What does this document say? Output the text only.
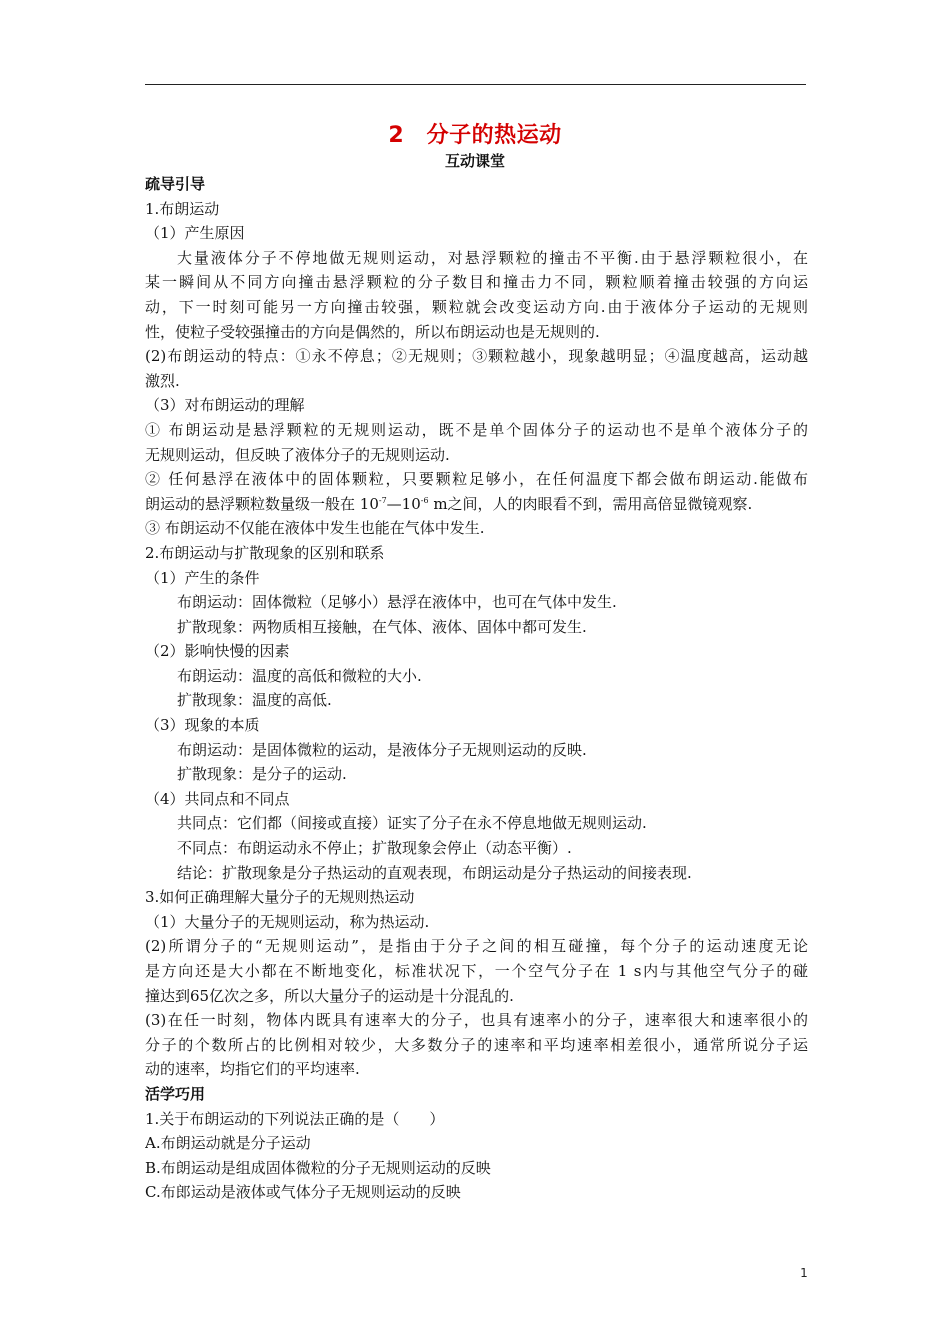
2　分子的热运动
互动课堂
疏导引导
1.布朗运动
（1）产生原因
大量液体分子不停地做无规则运动，对悬浮颗粒的撞击不平衡.由于悬浮颗粒很小，在
某一瞬间从不同方向撞击悬浮颗粒的分子数目和撞击力不同，颗粒顺着撞击较强的方向运
动，下一时刻可能另一方向撞击较强，颗粒就会改变运动方向.由于液体分子运动的无规则
性，使粒子受较强撞击的方向是偶然的，所以布朗运动也是无规则的.
(2)布朗运动的特点：①永不停息；②无规则；③颗粒越小，现象越明显；④温度越高，运动越
激烈.
（3）对布朗运动的理解
① 布朗运动是悬浮颗粒的无规则运动，既不是单个固体分子的运动也不是单个液体分子的
无规则运动，但反映了液体分子的无规则运动.
② 任何悬浮在液体中的固体颗粒，只要颗粒足够小，在任何温度下都会做布朗运动.能做布
朗运动的悬浮颗粒数量级一般在 $10^{-7}—10^{-6}$ m之间，人的肉眼看不到，需用高倍显微镜观察.
③ 布朗运动不仅能在液体中发生也能在气体中发生.
2.布朗运动与扩散现象的区别和联系
（1）产生的条件
布朗运动：固体微粒（足够小）悬浮在液体中，也可在气体中发生.
扩散现象：两物质相互接触，在气体、液体、固体中都可发生.
（2）影响快慢的因素
布朗运动：温度的高低和微粒的大小.
扩散现象：温度的高低.
（3）现象的本质
布朗运动：是固体微粒的运动，是液体分子无规则运动的反映.
扩散现象：是分子的运动.
（4）共同点和不同点
共同点：它们都（间接或直接）证实了分子在永不停息地做无规则运动.
不同点：布朗运动永不停止；扩散现象会停止（动态平衡）.
结论：扩散现象是分子热运动的直观表现，布朗运动是分子热运动的间接表现.
3.如何正确理解大量分子的无规则热运动
（1）大量分子的无规则运动，称为热运动.
(2)所谓分子的“无规则运动”，是指由于分子之间的相互碰撞，每个分子的运动速度无论
是方向还是大小都在不断地变化，标准状况下，一个空气分子在 1 s内与其他空气分子的碰
撞达到65亿次之多，所以大量分子的运动是十分混乱的.
(3)在任一时刻，物体内既具有速率大的分子，也具有速率小的分子，速率很大和速率很小的
分子的个数所占的比例相对较少，大多数分子的速率和平均速率相差很小，通常所说分子运
动的速率，均指它们的平均速率.
活学巧用
1.关于布朗运动的下列说法正确的是（　　）
A.布朗运动就是分子运动
B.布朗运动是组成固体微粒的分子无规则运动的反映
C.布郎运动是液体或气体分子无规则运动的反映
1
